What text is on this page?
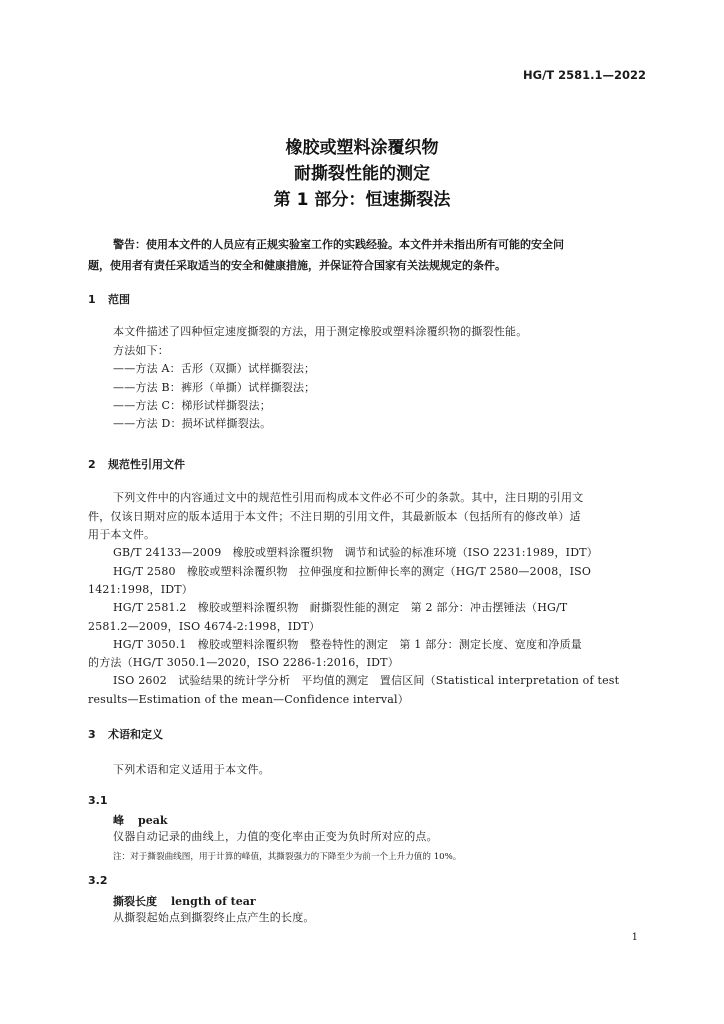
HG/T 2581.1—2022
橡胶或塑料涂覆织物
耐撕裂性能的测定
第 1 部分：恒速撕裂法
警告：使用本文件的人员应有正规实验室工作的实践经验。本文件并未指出所有可能的安全问
题，使用者有责任采取适当的安全和健康措施，并保证符合国家有关法规规定的条件。
1 范围
本文件描述了四种恒定速度撕裂的方法，用于测定橡胶或塑料涂覆织物的撕裂性能。
方法如下：
——方法 A：舌形（双撕）试样撕裂法；
——方法 B：裤形（单撕）试样撕裂法；
——方法 C：梯形试样撕裂法；
——方法 D：损坏试样撕裂法。
2 规范性引用文件
下列文件中的内容通过文中的规范性引用而构成本文件必不可少的条款。其中，注日期的引用文
件，仅该日期对应的版本适用于本文件；不注日期的引用文件，其最新版本（包括所有的修改单）适
用于本文件。
GB/T 24133—2009　橡胶或塑料涂覆织物　调节和试验的标准环境（ISO 2231:1989，IDT）
HG/T 2580　橡胶或塑料涂覆织物　拉伸强度和拉断伸长率的测定（HG/T 2580—2008，ISO
1421:1998，IDT）
HG/T 2581.2　橡胶或塑料涂覆织物　耐撕裂性能的测定　第 2 部分：冲击摆锤法（HG/T
2581.2—2009，ISO 4674-2:1998，IDT）
HG/T 3050.1　橡胶或塑料涂覆织物　整卷特性的测定　第 1 部分：测定长度、宽度和净质量
的方法（HG/T 3050.1—2020，ISO 2286-1:2016，IDT）
ISO 2602　试验结果的统计学分析　平均值的测定　置信区间（Statistical interpretation of test
results—Estimation of the mean—Confidence interval）
3 术语和定义
下列术语和定义适用于本文件。
3.1
峰 peak
仪器自动记录的曲线上，力值的变化率由正变为负时所对应的点。
注：对于撕裂曲线图，用于计算的峰值，其撕裂强力的下降至少为前一个上升力值的 10%。
3.2
撕裂长度 length of tear
从撕裂起始点到撕裂终止点产生的长度。
1
